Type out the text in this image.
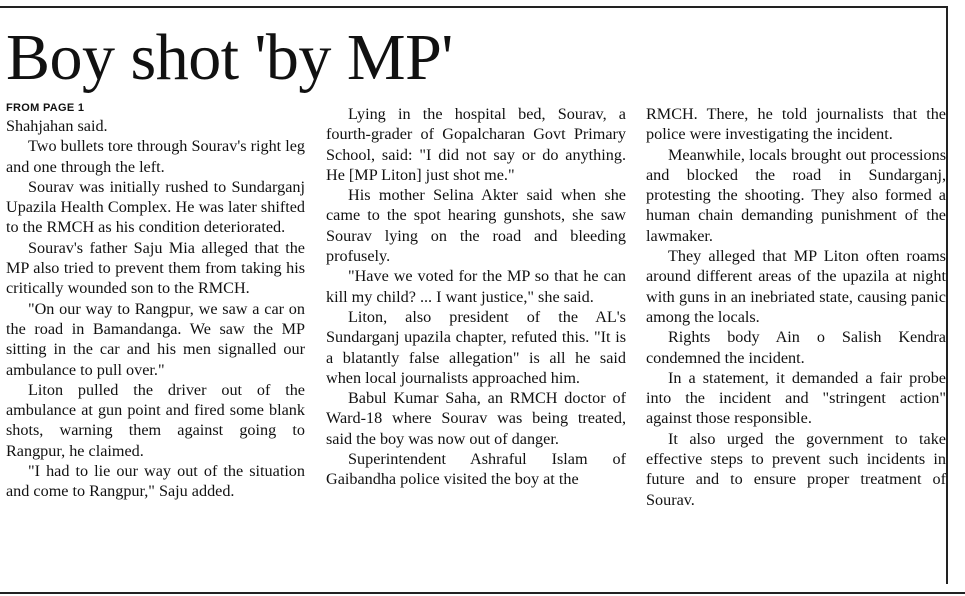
Boy shot 'by MP'
FROM PAGE 1

Shahjahan said.

Two bullets tore through Sourav's right leg and one through the left.

Sourav was initially rushed to Sundarganj Upazila Health Complex. He was later shifted to the RMCH as his condition deteriorated.

Sourav's father Saju Mia alleged that the MP also tried to prevent them from taking his critically wounded son to the RMCH.

"On our way to Rangpur, we saw a car on the road in Bamandanga. We saw the MP sitting in the car and his men signalled our ambulance to pull over."

Liton pulled the driver out of the ambulance at gun point and fired some blank shots, warning them against going to Rangpur, he claimed.

"I had to lie our way out of the situation and come to Rangpur," Saju added.

Lying in the hospital bed, Sourav, a fourth-grader of Gopalcharan Govt Primary School, said: "I did not say or do anything. He [MP Liton] just shot me."

His mother Selina Akter said when she came to the spot hearing gunshots, she saw Sourav lying on the road and bleeding profusely.

"Have we voted for the MP so that he can kill my child? ... I want justice," she said.

Liton, also president of the AL's Sundarganj upazila chapter, refuted this. "It is a blatantly false allegation" is all he said when local journalists approached him.

Babul Kumar Saha, an RMCH doctor of Ward-18 where Sourav was being treated, said the boy was now out of danger.

Superintendent Ashraful Islam of Gaibandha police visited the boy at the

RMCH. There, he told journalists that the police were investigating the incident.

Meanwhile, locals brought out processions and blocked the road in Sundarganj, protesting the shooting. They also formed a human chain demanding punishment of the lawmaker.

They alleged that MP Liton often roams around different areas of the upazila at night with guns in an inebriated state, causing panic among the locals.

Rights body Ain o Salish Kendra condemned the incident.

In a statement, it demanded a fair probe into the incident and "stringent action" against those responsible.

It also urged the government to take effective steps to prevent such incidents in future and to ensure proper treatment of Sourav.
